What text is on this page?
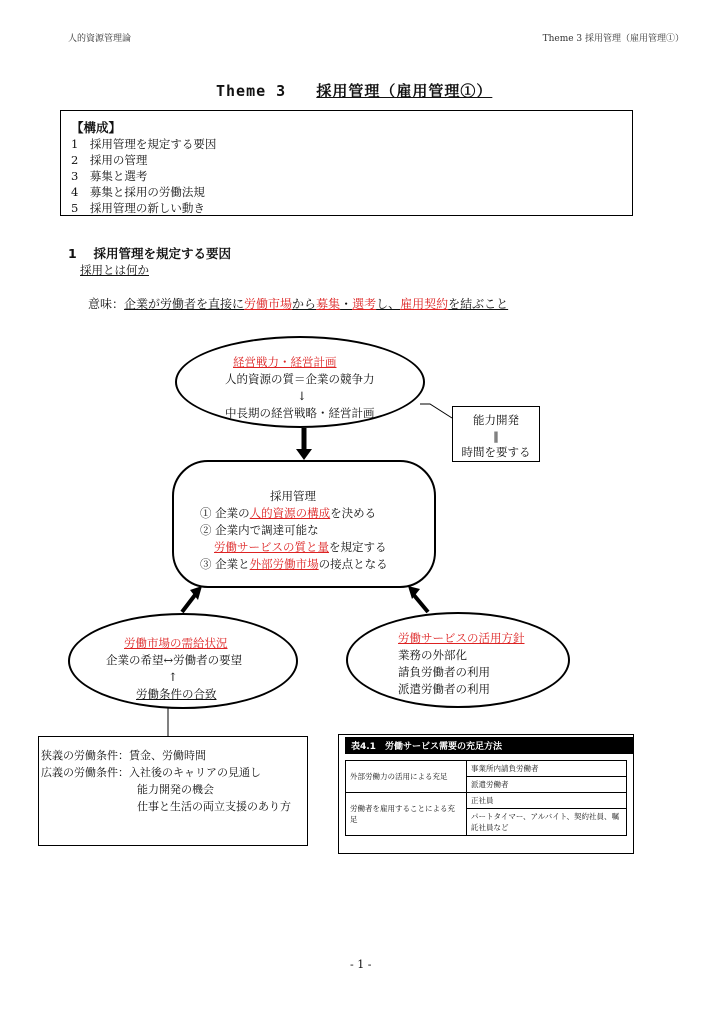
人的資源管理論	Theme 3 採用管理（雇用管理①）
Theme 3 採用管理（雇用管理①）
【構成】
1　採用管理を規定する要因
2　採用の管理
3　募集と選考
4　募集と採用の労働法規
5　採用管理の新しい動き
1　 採用管理を規定する要因
採用とは何か
意味：企業が労働者を直接に労働市場から募集・選考し、雇用契約を結ぶこと
経営戦力・経営計画
人的資源の質＝企業の競争力
↓
中長期の経営戦略・経営計画	能力開発
‖
時間を要する
採用管理
① 企業の人的資源の構成を決める
② 企業内で調達可能な
労働サービスの質と量を規定する
③ 企業と外部労働市場の接点となる
労働市場の需給状況
企業の希望↔労働者の要望
↑
労働条件の合致
労働サービスの活用方針
業務の外部化
請負労働者の利用
派遣労働者の利用
狭義の労働条件：賃金、労働時間
広義の労働条件：入社後のキャリアの見通し
能力開発の機会
仕事と生活の両立支援のあり方
表4.1　労働サービス需要の充足方法
外部労働力の活用による充足	事業所内請負労働者
	派遣労働者
労働者を雇用することによる充足	正社員
	パートタイマー、アルバイト、契約社員、嘱託社員など
- 1 -
